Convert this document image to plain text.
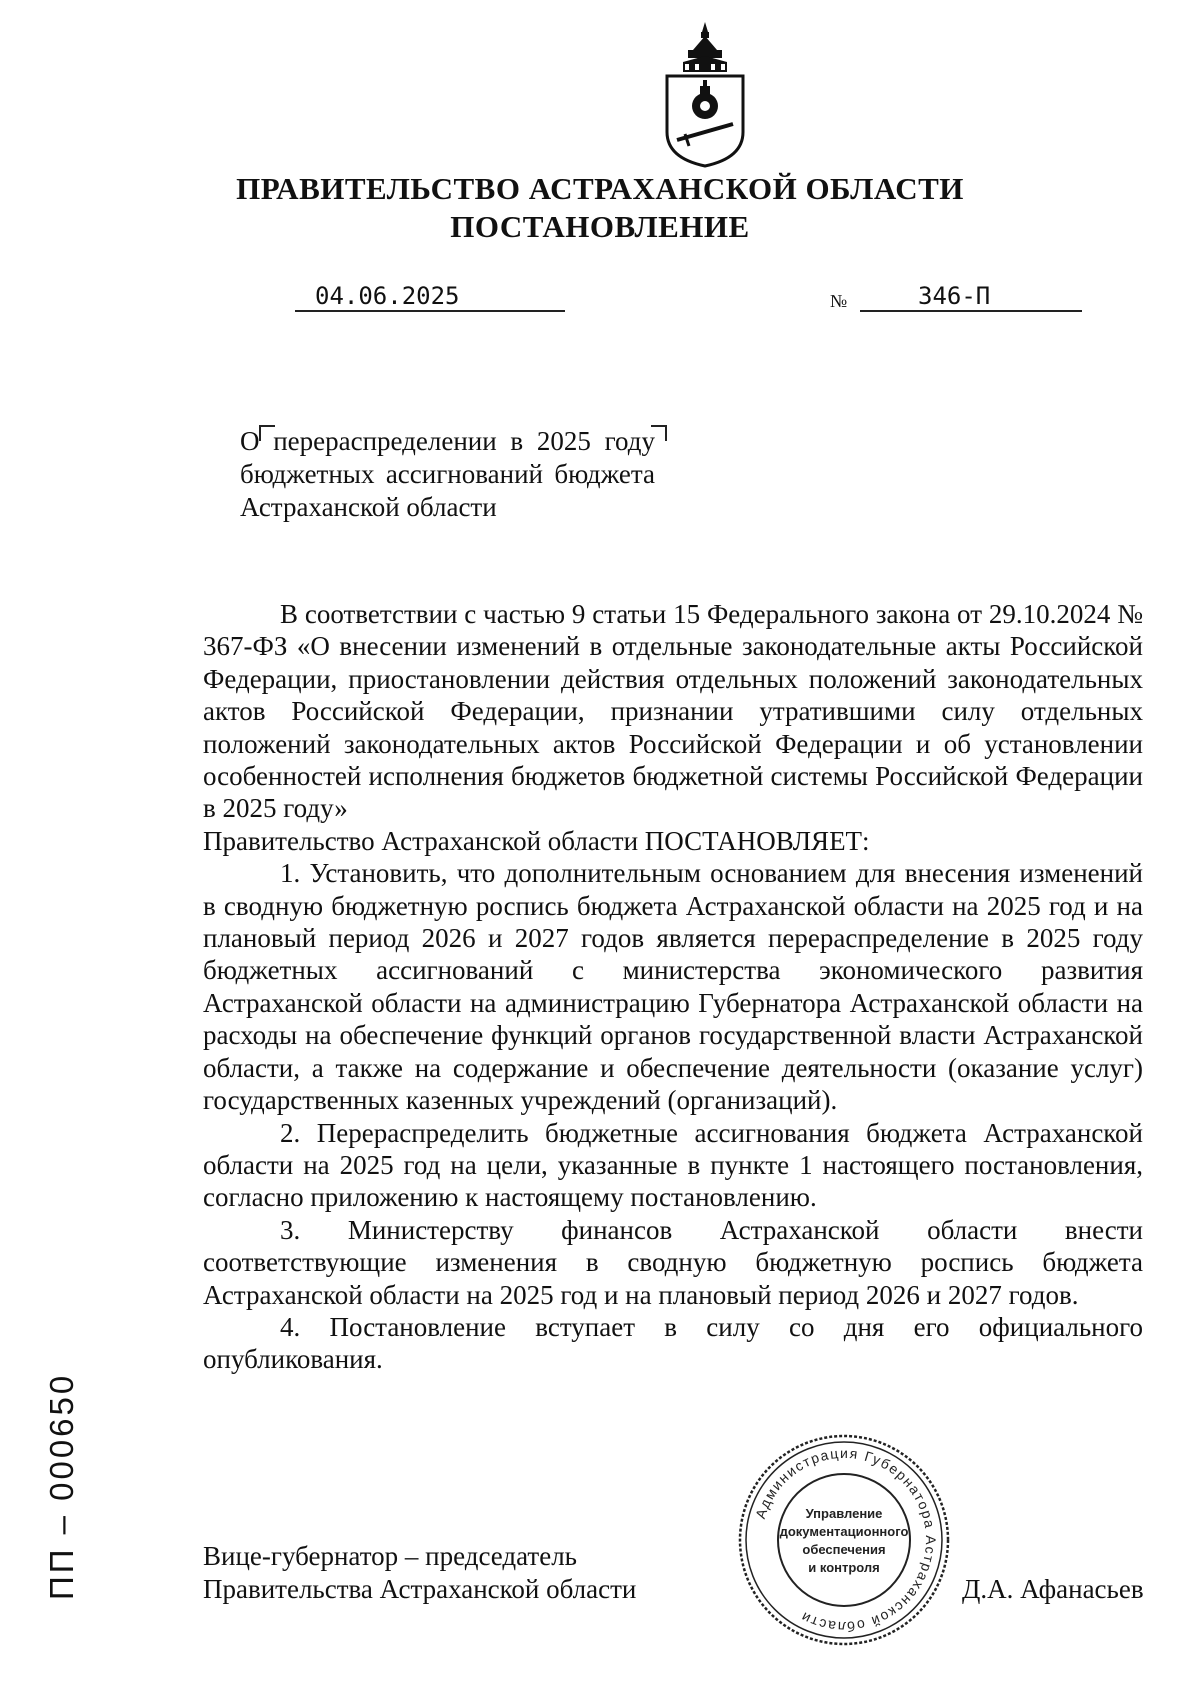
ПРАВИТЕЛЬСТВО АСТРАХАНСКОЙ ОБЛАСТИ
ПОСТАНОВЛЕНИЕ
04.06.2025	№	346-П

О перераспределении в 2025 году бюджетных ассигнований бюджета Астраханской области

В соответствии с частью 9 статьи 15 Федерального закона от 29.10.2024 № 367-ФЗ «О внесении изменений в отдельные законодательные акты Российской Федерации, приостановлении действия отдельных положений законодательных актов Российской Федерации, признании утратившими силу отдельных положений законодательных актов Российской Федерации и об установлении особенностей исполнения бюджетов бюджетной системы Российской Федерации в 2025 году»

Правительство Астраханской области ПОСТАНОВЛЯЕТ:

1. Установить, что дополнительным основанием для внесения изменений в сводную бюджетную роспись бюджета Астраханской области на 2025 год и на плановый период 2026 и 2027 годов является перераспределение в 2025 году бюджетных ассигнований с министерства экономического развития Астраханской области на администрацию Губернатора Астраханской области на расходы на обеспечение функций органов государственной власти Астраханской области, а также на содержание и обеспечение деятельности (оказание услуг) государственных казенных учреждений (организаций).

2. Перераспределить бюджетные ассигнования бюджета Астраханской области на 2025 год на цели, указанные в пункте 1 настоящего постановления, согласно приложению к настоящему постановлению.

3. Министерству финансов Астраханской области внести соответствующие изменения в сводную бюджетную роспись бюджета Астраханской области на 2025 год и на плановый период 2026 и 2027 годов.

4. Постановление вступает в силу со дня его официального опубликования.

Вице-губернатор – председатель
Правительства Астраханской области
Администрация Губернатора Астраханской области
Управление
документационного
обеспечения
и контроля
Д.А. Афанасьев
ПП – 000650
